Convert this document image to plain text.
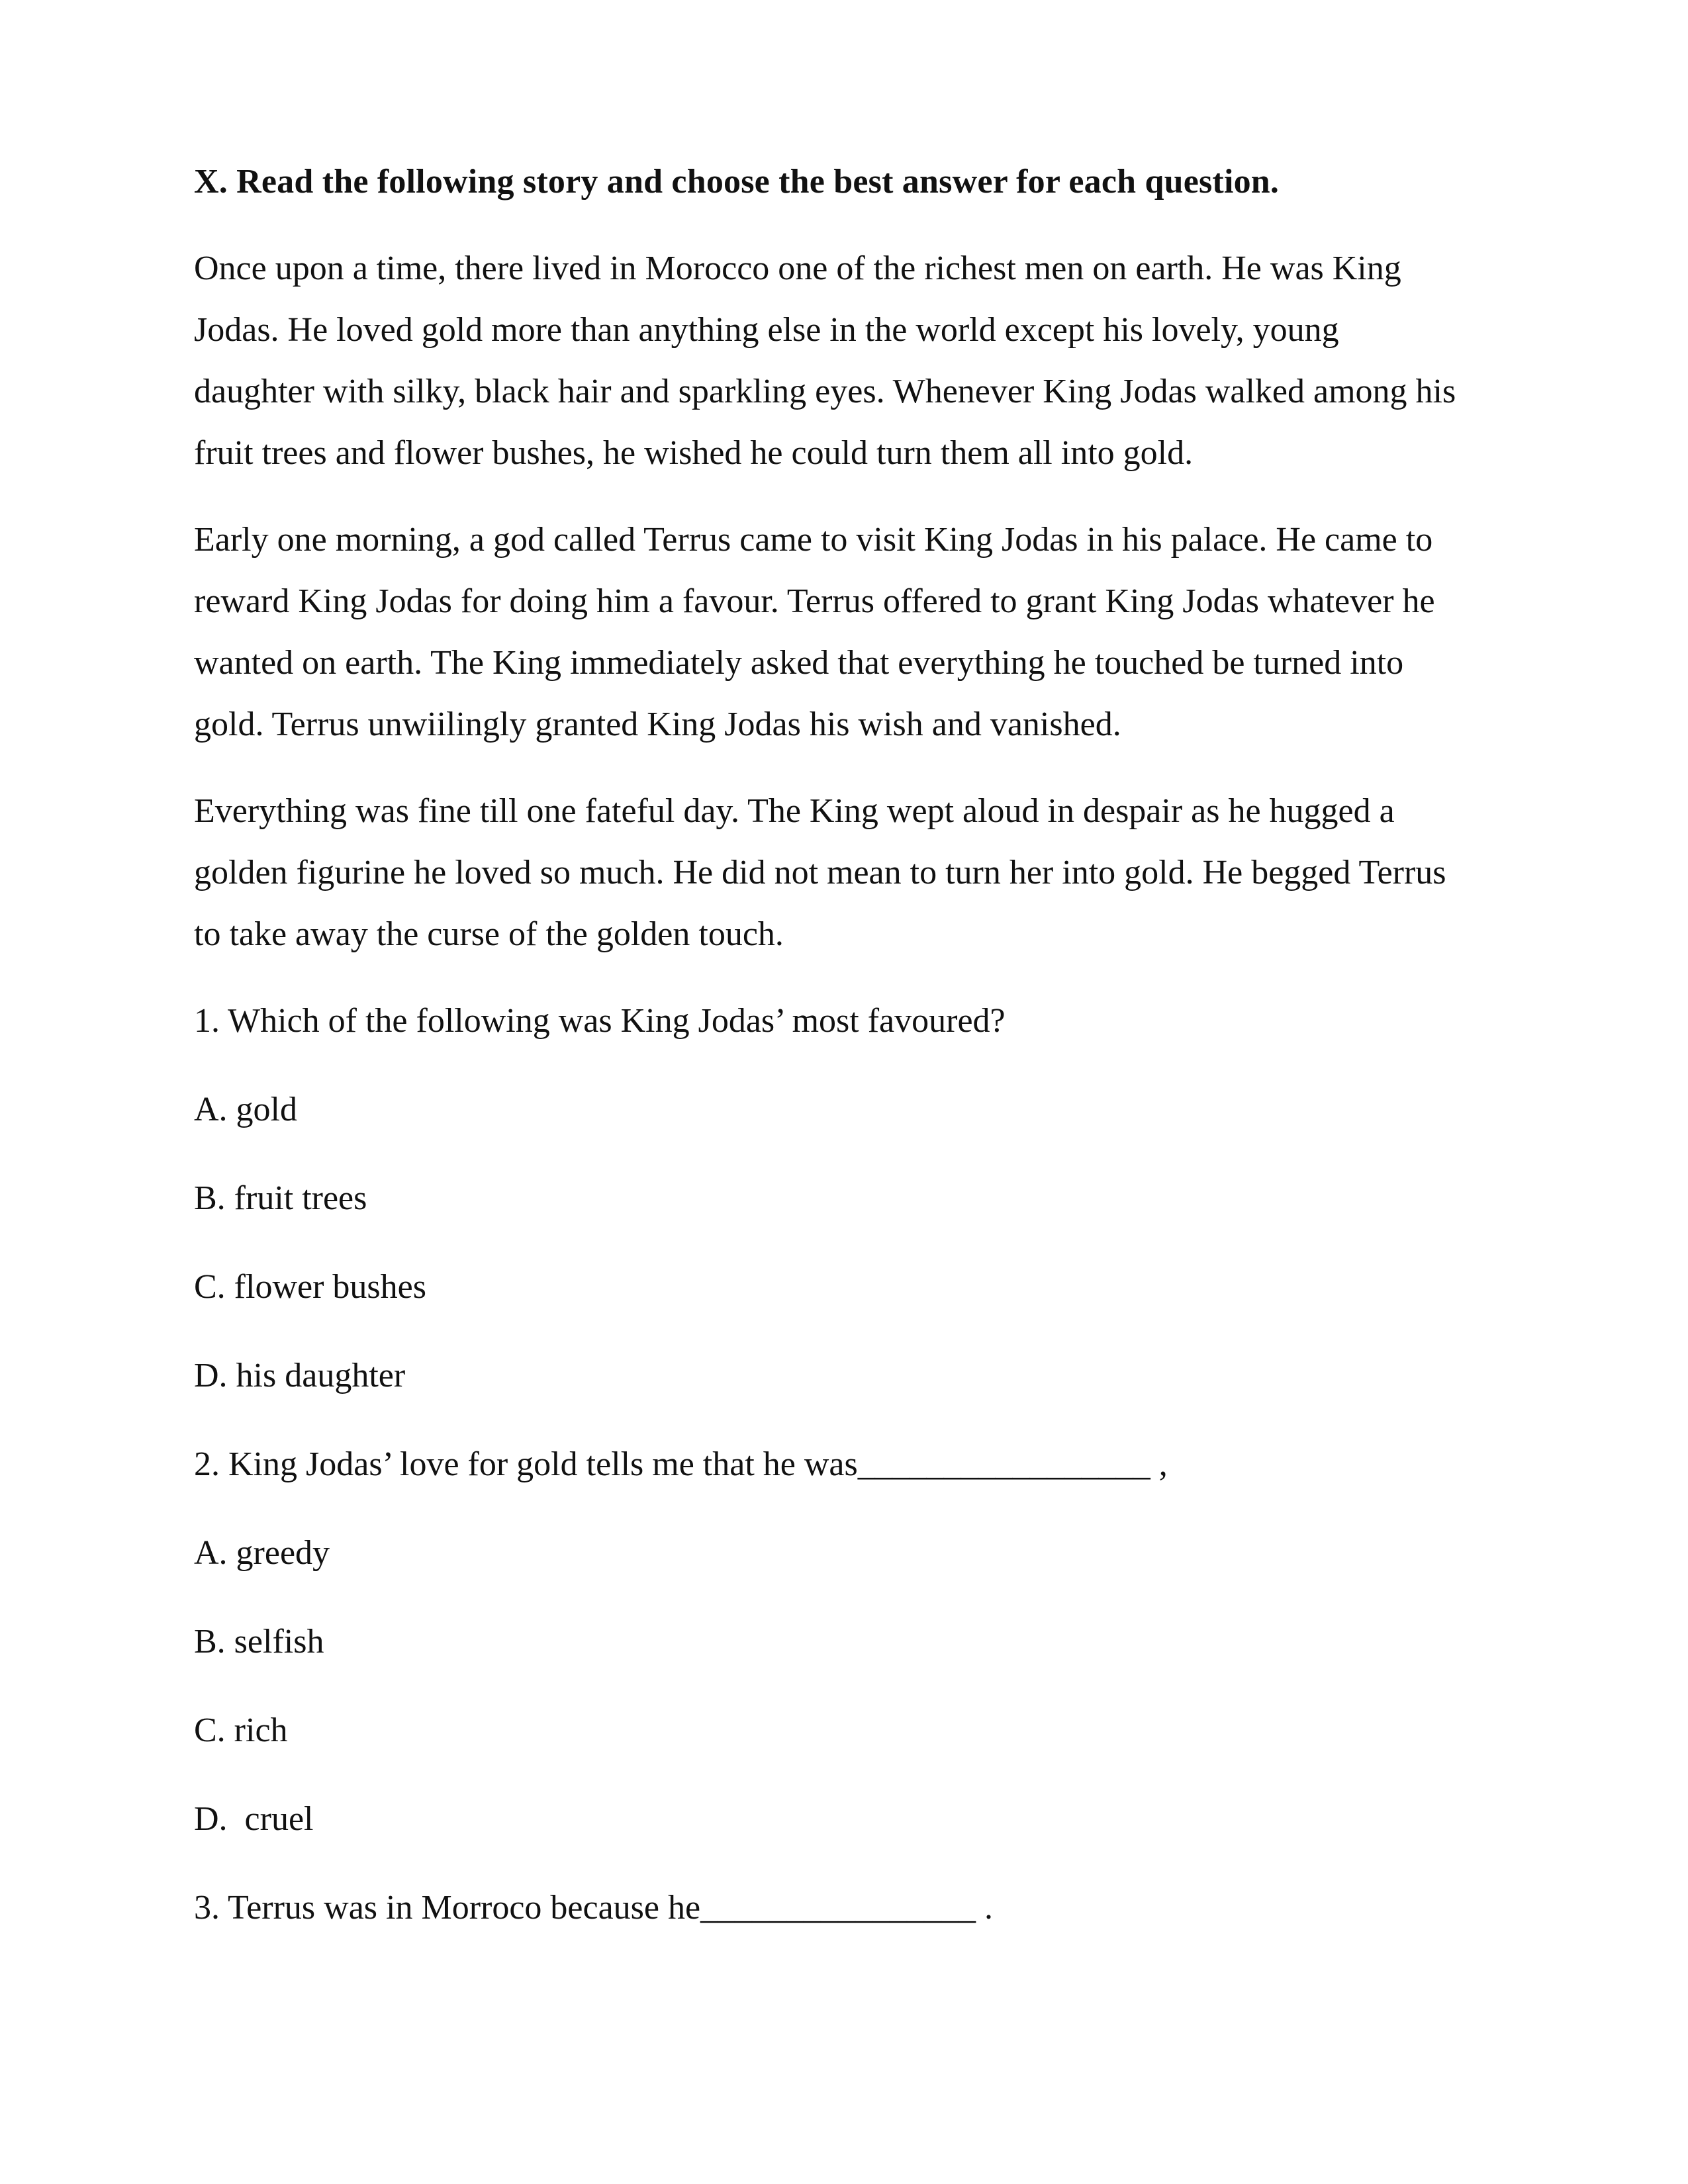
X. Read the following story and choose the best answer for each question.
Once upon a time, there lived in Morocco one of the richest men on earth. He was King
Jodas. He loved gold more than anything else in the world except his lovely, young
daughter with silky, black hair and sparkling eyes. Whenever King Jodas walked among his
fruit trees and flower bushes, he wished he could turn them all into gold.
Early one morning, a god called Terrus came to visit King Jodas in his palace. He came to
reward King Jodas for doing him a favour. Terrus offered to grant King Jodas whatever he
wanted on earth. The King immediately asked that everything he touched be turned into
gold. Terrus unwiilingly granted King Jodas his wish and vanished.
Everything was fine till one fateful day. The King wept aloud in despair as he hugged a
golden figurine he loved so much. He did not mean to turn her into gold. He begged Terrus
to take away the curse of the golden touch.
1. Which of the following was King Jodas’ most favoured?
A. gold
B. fruit trees
C. flower bushes
D. his daughter
2. King Jodas’ love for gold tells me that he was_________________ ,
A. greedy
B. selfish
C. rich
D.  cruel
3. Terrus was in Morroco because he________________ .
